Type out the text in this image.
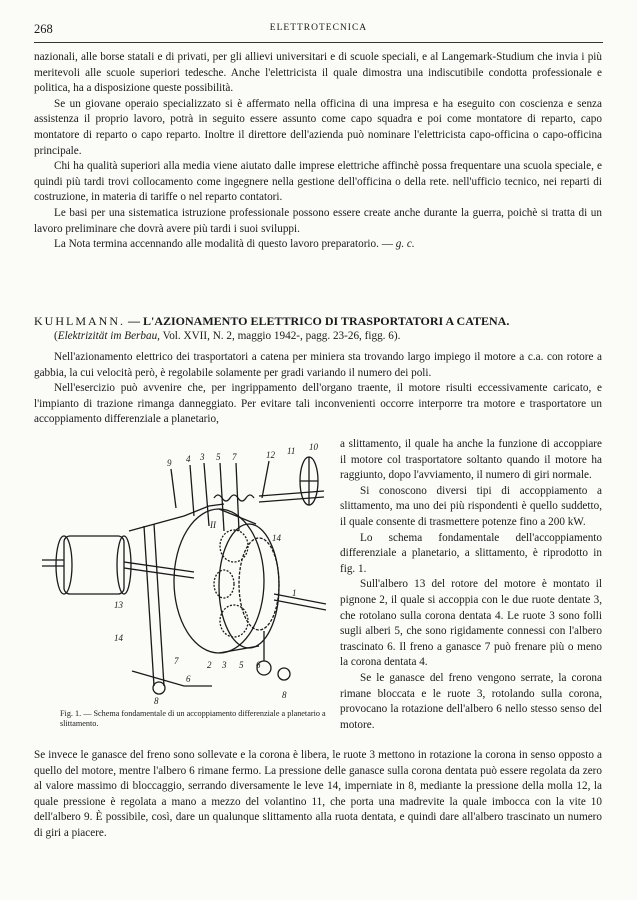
268	ELETTROTECNICA

nazionali, alle borse statali e di privati, per gli allievi universitari e di scuole speciali, e al Langemark-Studium che invia i più meritevoli alle scuole superiori tedesche. Anche l'elettricista il quale dimostra una indiscutibile condotta professionale e politica, ha a disposizione queste possibilità.

Se un giovane operaio specializzato si è affermato nella officina di una impresa e ha eseguito con coscienza e senza assistenza il proprio lavoro, potrà in seguito essere assunto come capo squadra e poi come montatore di reparto, capo montatore di reparto o capo reparto. Inoltre il direttore dell'azienda può nominare l'elettricista capo-officina o capo-officina principale.

Chi ha qualità superiori alla media viene aiutato dalle imprese elettriche affinchè possa frequentare una scuola speciale, e quindi più tardi trovi collocamento come ingegnere nella gestione dell'officina o della rete. nell'ufficio tecnico, nei reparti di costruzione, in materia di tariffe o nel reparto contatori.

Le basi per una sistematica istruzione professionale possono essere create anche durante la guerra, poichè si tratta di un lavoro preliminare che dovrà avere più tardi i suoi sviluppi.

La Nota termina accennando alle modalità di questo lavoro preparatorio. — g. c.

KUHLMANN. — L'AZIONAMENTO ELETTRICO DI TRASPORTATORI A CATENA.
(Elektrizität im Berbau, Vol. XVII, N. 2, maggio 1942-, pagg. 23-26, figg. 6).

Nell'azionamento elettrico dei trasportatori a catena per miniera sta trovando largo impiego il motore a c.a. con rotore a gabbia, la cui velocità però, è regolabile solamente per gradi variando il numero dei poli.

Nell'esercizio può avvenire che, per ingrippamento dell'organo traente, il motore risulti eccessivamente caricato, e l'impianto di trazione rimanga danneggiato. Per evitare tali inconvenienti occorre interporre tra motore e trasportatore un accoppiamento differenziale a planetario,

a slittamento, il quale ha anche la funzione di accoppiare il motore col trasportatore soltanto quando il motore ha raggiunto, dopo l'avviamento, il numero di giri normale.

Si conoscono diversi tipi di accoppiamento a slittamento, ma uno dei più rispondenti è quello suddetto, il quale consente di trasmettere potenze fino a 200 kW.

Lo schema fondamentale dell'accoppiamento differenziale a planetario, a slittamento, è riprodotto in fig. 1.

Sull'albero 13 del rotore del motore è montato il pignone 2, il quale si accoppia con le due ruote dentate 3, che rotolano sulla corona dentata 4. Le ruote 3 sono folli sugli alberi 5, che sono rigidamente connessi con l'albero trascinato 6. Il freno a ganasce 7 può frenare più o meno la corona dentata 4.

Se le ganasce del freno vengono serrate, la corona rimane bloccata e le ruote 3, rotolando sulla corona, provocano la rotazione dell'albero 6 nello stesso senso del motore.

9 4 3 5 7	12 11 10
II
14
1
13
14
7
6
2 3 5 6
8
8
Fig. 1. — Schema fondamentale di un accoppiamento differenziale a planetario a slittamento.

Se invece le ganasce del freno sono sollevate e la corona è libera, le ruote 3 mettono in rotazione la corona in senso opposto a quello del motore, mentre l'albero 6 rimane fermo. La pressione delle ganasce sulla corona dentata può essere regolata da zero al valore massimo di bloccaggio, serrando diversamente le leve 14, imperniate in 8, mediante la pressione della molla 12, la quale pressione è regolata a mano a mezzo del volantino 11, che porta una madrevite la quale imbocca con la vite 10 dell'albero 9. È possibile, così, dare un qualunque slittamento alla ruota dentata, e quindi dare all'albero trascinato un numero di giri a piacere.
